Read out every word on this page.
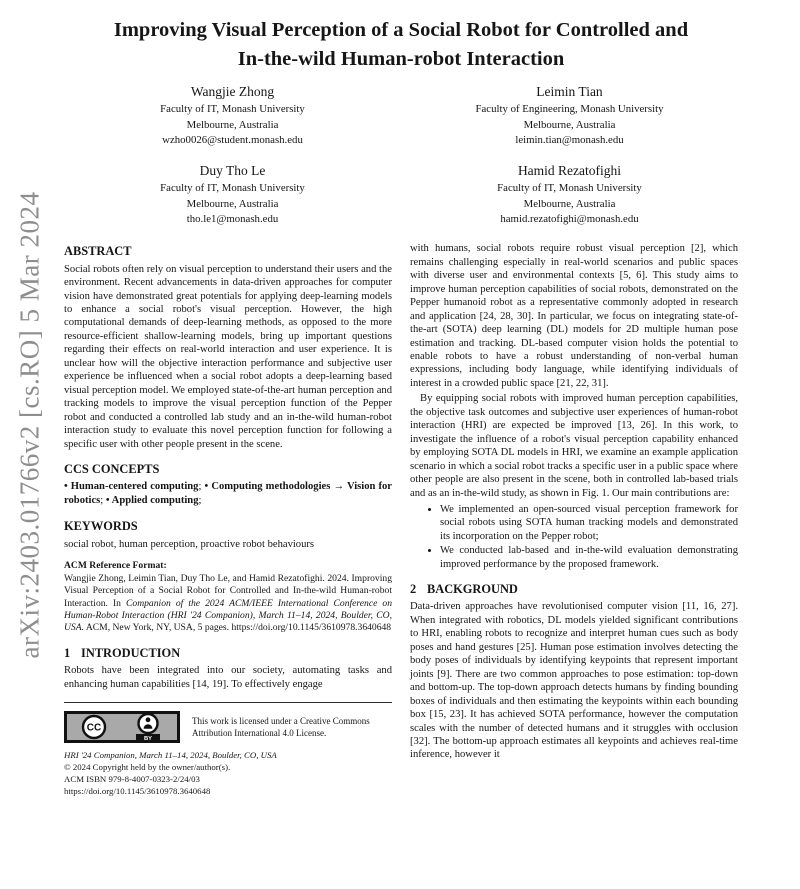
arXiv:2403.01766v2 [cs.RO] 5 Mar 2024
Improving Visual Perception of a Social Robot for Controlled and
In-the-wild Human-robot Interaction
Wangjie Zhong
Faculty of IT, Monash University
Melbourne, Australia
wzho0026@student.monash.edu
Leimin Tian
Faculty of Engineering, Monash University
Melbourne, Australia
leimin.tian@monash.edu
Duy Tho Le
Faculty of IT, Monash University
Melbourne, Australia
tho.le1@monash.edu
Hamid Rezatofighi
Faculty of IT, Monash University
Melbourne, Australia
hamid.rezatofighi@monash.edu
ABSTRACT

Social robots often rely on visual perception to understand their users and the environment. Recent advancements in data-driven approaches for computer vision have demonstrated great potentials for applying deep-learning models to enhance a social robot's visual perception. However, the high computational demands of deep-learning methods, as opposed to the more resource-efficient shallow-learning models, bring up important questions regarding their effects on real-world interaction and user experience. It is unclear how will the objective interaction performance and subjective user experience be influenced when a social robot adopts a deep-learning based visual perception model. We employed state-of-the-art human perception and tracking models to improve the visual perception function of the Pepper robot and conducted a controlled lab study and an in-the-wild human-robot interaction study to evaluate this novel perception function for following a specific user with other people present in the scene.

CCS CONCEPTS

• Human-centered computing; • Computing methodologies → Vision for robotics; • Applied computing;

KEYWORDS

social robot, human perception, proactive robot behaviours

ACM Reference Format:
Wangjie Zhong, Leimin Tian, Duy Tho Le, and Hamid Rezatofighi. 2024. Improving Visual Perception of a Social Robot for Controlled and In-the-wild Human-robot Interaction. In Companion of the 2024 ACM/IEEE International Conference on Human-Robot Interaction (HRI '24 Companion), March 11–14, 2024, Boulder, CO, USA. ACM, New York, NY, USA, 5 pages. https://doi.org/10.1145/3610978.3640648
1 INTRODUCTION

Robots have been integrated into our society, automating tasks and enhancing human capabilities [14, 19]. To effectively engage

CC
BY
This work is licensed under a Creative Commons Attribution International 4.0 License.
HRI '24 Companion, March 11–14, 2024, Boulder, CO, USA
© 2024 Copyright held by the owner/author(s).
ACM ISBN 979-8-4007-0323-2/24/03
https://doi.org/10.1145/3610978.3640648

with humans, social robots require robust visual perception [2], which remains challenging especially in real-world scenarios and public spaces with diverse user and environmental contexts [5, 6]. This study aims to improve human perception capabilities of social robots, demonstrated on the Pepper humanoid robot as a representative commonly adopted in research and application [24, 28, 30]. In particular, we focus on integrating state-of-the-art (SOTA) deep learning (DL) models for 2D multiple human pose estimation and tracking. DL-based computer vision holds the potential to enable robots to have a robust understanding of non-verbal human expressions, including body language, while identifying individuals of interest in a crowded public space [21, 22, 31].

By equipping social robots with improved human perception capabilities, the objective task outcomes and subjective user experiences of human-robot interaction (HRI) are expected be improved [13, 26]. In this work, to investigate the influence of a robot's visual perception capability enhanced by employing SOTA DL models in HRI, we examine an example application scenario in which a social robot tracks a specific user in a public space where other people are also present in the scene, both in controlled lab-based trials and as an in-the-wild study, as shown in Fig. 1. Our main contributions are:

• We implemented an open-sourced visual perception framework for social robots using SOTA human tracking models and demonstrated its incorporation on the Pepper robot;
• We conducted lab-based and in-the-wild evaluation demonstrating improved performance by the proposed framework.
2 BACKGROUND

Data-driven approaches have revolutionised computer vision [11, 16, 27]. When integrated with robotics, DL models yielded significant contributions to HRI, enabling robots to recognize and interpret human cues such as body poses and hand gestures [25]. Human pose estimation involves detecting the body poses of individuals by identifying keypoints that represent important joints [9]. There are two common approaches to pose estimation: top-down and bottom-up. The top-down approach detects humans by finding bounding boxes of individuals and then estimating the keypoints within each bounding box [15, 23]. It has achieved SOTA performance, however the computation scales with the number of detected humans and it struggles with occlusion [32]. The bottom-up approach estimates all keypoints and achieves real-time inference, however it
